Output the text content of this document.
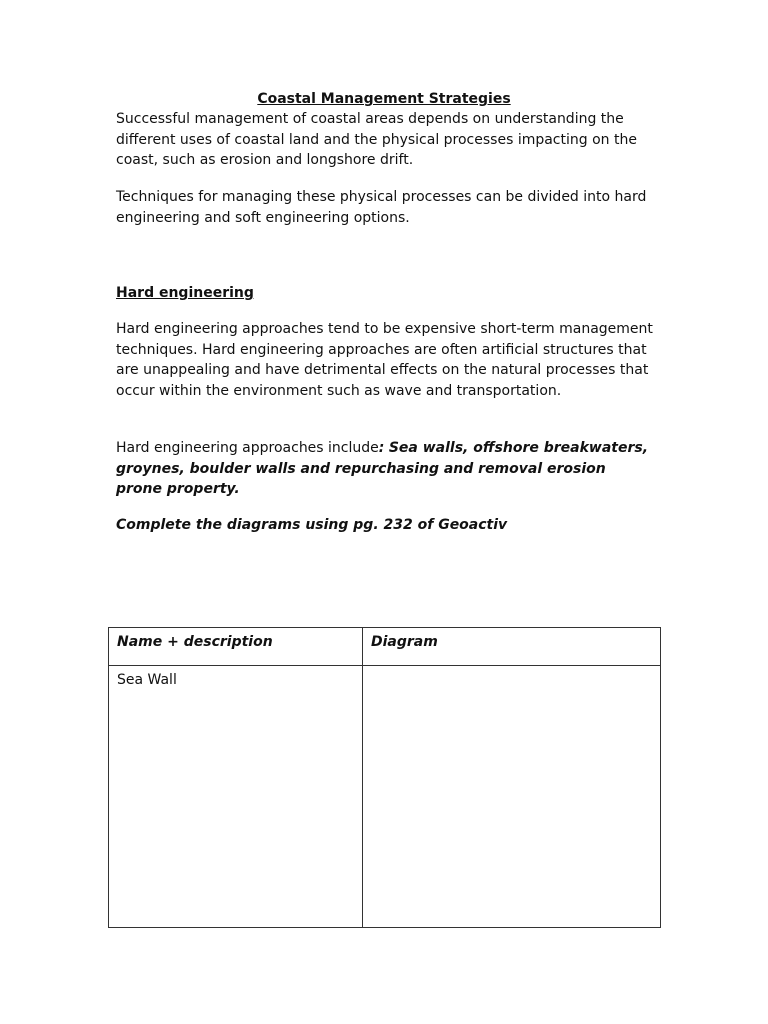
Coastal Management Strategies

Successful management of coastal areas depends on understanding the different uses of coastal land and the physical processes impacting on the coast, such as erosion and longshore drift.

Techniques for managing these physical processes can be divided into hard engineering and soft engineering options.

Hard engineering

Hard engineering approaches tend to be expensive short-term management techniques. Hard engineering approaches are often artificial structures that are unappealing and have detrimental effects on the natural processes that occur within the environment such as wave and transportation.

Hard engineering approaches include: Sea walls, offshore breakwaters, groynes, boulder walls and repurchasing and removal erosion prone property.

Complete the diagrams using pg. 232 of Geoactiv
Name + description	Diagram
Sea Wall	
